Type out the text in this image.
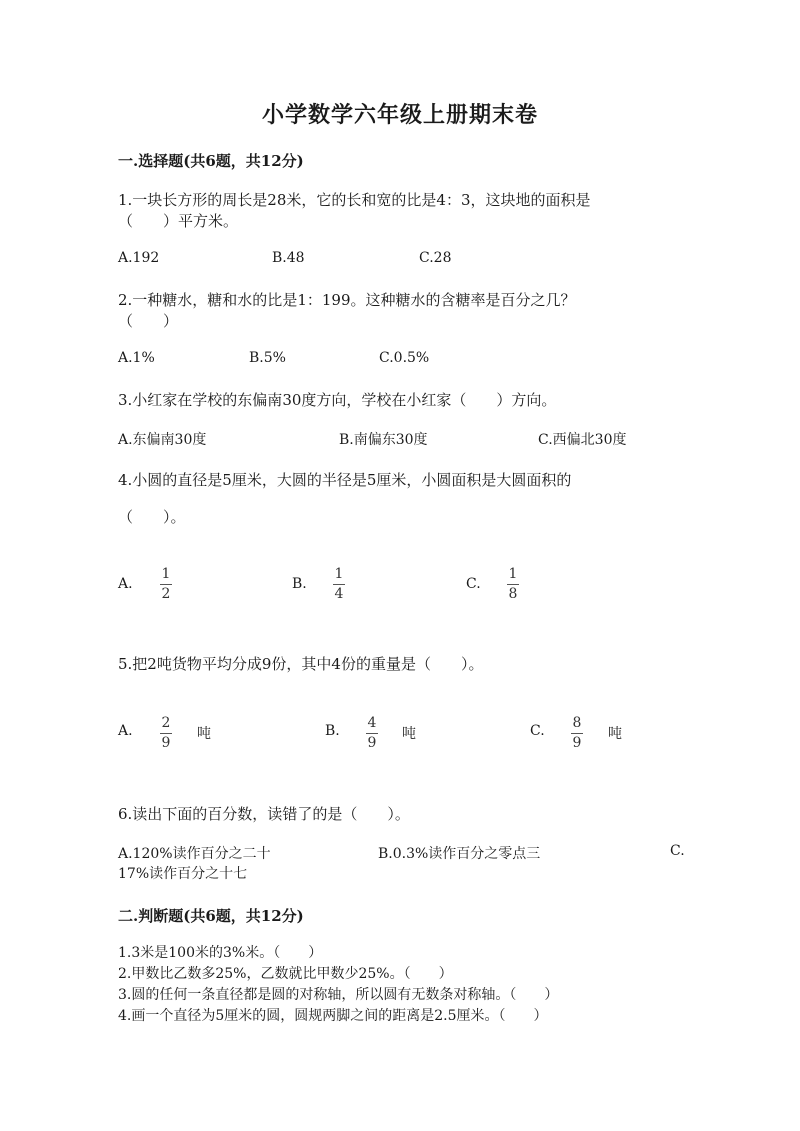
小学数学六年级上册期末卷
一.选择题(共6题，共12分)
1.一块长方形的周长是28米，它的长和宽的比是4：3，这块地的面积是
（　　）平方米。
A.192	B.48	C.28
2.一种糖水，糖和水的比是1：199。这种糖水的含糖率是百分之几？
（　　）
A.1%	B.5%	C.0.5%
3.小红家在学校的东偏南30度方向，学校在小红家（　　）方向。
A.东偏南30度	B.南偏东30度	C.西偏北30度
4.小圆的直径是5厘米，大圆的半径是5厘米，小圆面积是大圆面积的
（　　）。
A.
1
2
B.
1
4
C.
1
8
5.把2吨货物平均分成9份，其中4份的重量是（　　）。
A. 2
9
吨	B. 4
9
吨	C. 8
9
吨
6.读出下面的百分数，读错了的是（　　）。
A.120%读作百分之二十	B.0.3%读作百分之零点三	C.
17%读作百分之十七
二.判断题(共6题，共12分)
1.3米是100米的3%米。（　　）
2.甲数比乙数多25%，乙数就比甲数少25%。（　　）
3.圆的任何一条直径都是圆的对称轴，所以圆有无数条对称轴。（　　）
4.画一个直径为5厘米的圆，圆规两脚之间的距离是2.5厘米。（　　）
